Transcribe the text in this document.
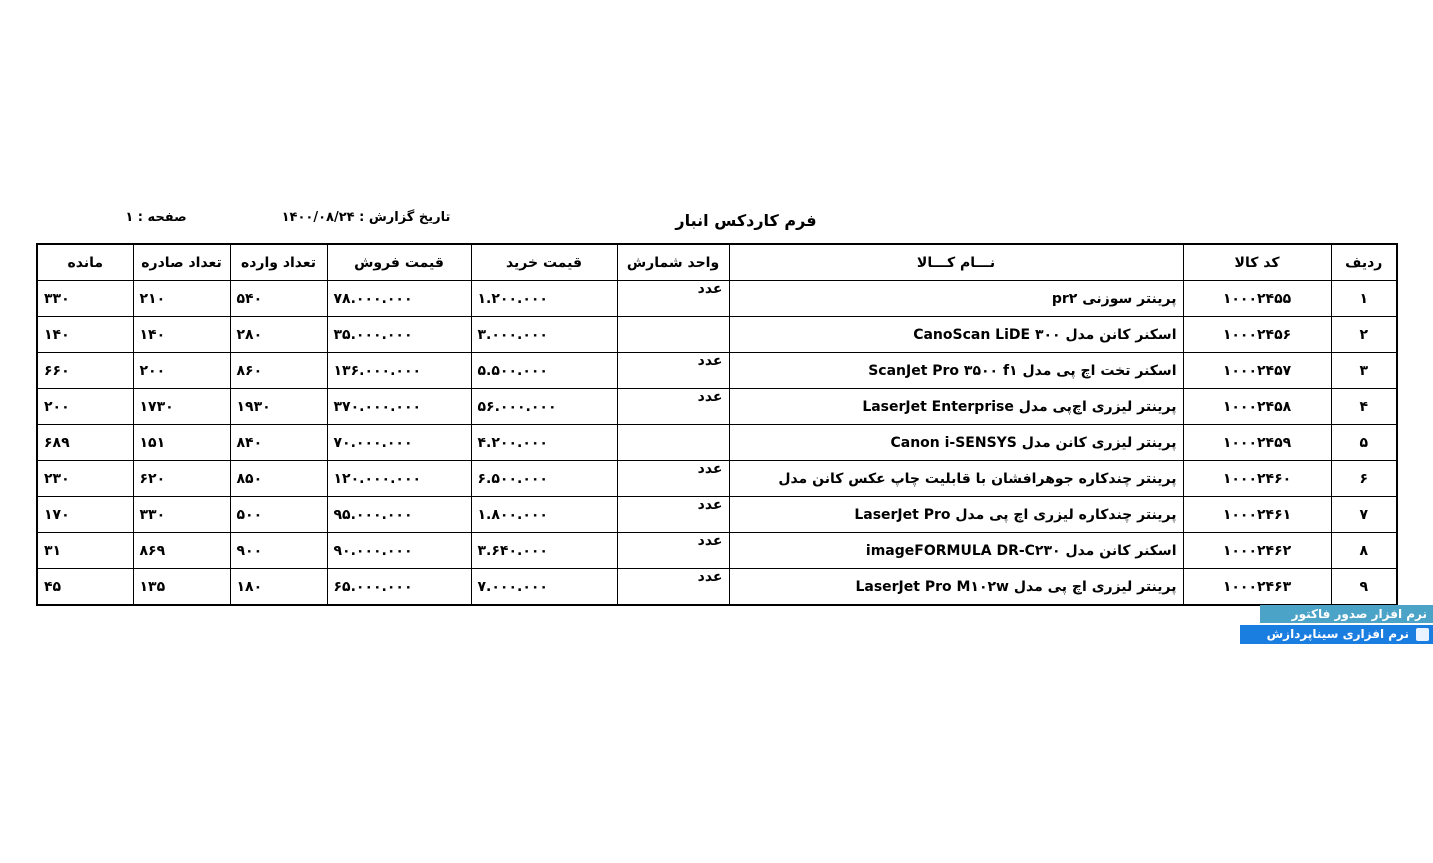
فرم کاردکس انبار
تاریخ گزارش : ۱۴۰۰/۰۸/۲۴
صفحه : ۱
ردیف	کد کالا	نـــام کـــالا	واحد شمارش	قیمت خرید	قیمت فروش	تعداد وارده	تعداد صادره	مانده
۱	۱۰۰۰۲۴۵۵	پرینتر سوزنی pr۲	عدد	۱.۲۰۰.۰۰۰	۷۸.۰۰۰.۰۰۰	۵۴۰	۲۱۰	۳۳۰
۲	۱۰۰۰۲۴۵۶	اسکنر کانن مدل CanoScan LiDE ۳۰۰		۳.۰۰۰.۰۰۰	۳۵.۰۰۰.۰۰۰	۲۸۰	۱۴۰	۱۴۰
۳	۱۰۰۰۲۴۵۷	اسکنر تخت اچ پی مدل ScanJet Pro ۳۵۰۰ f۱	عدد	۵.۵۰۰.۰۰۰	۱۳۶.۰۰۰.۰۰۰	۸۶۰	۲۰۰	۶۶۰
۴	۱۰۰۰۲۴۵۸	پرینتر لیزری اچ‌پی مدل LaserJet Enterprise	عدد	۵۶.۰۰۰.۰۰۰	۳۷۰.۰۰۰.۰۰۰	۱۹۳۰	۱۷۳۰	۲۰۰
۵	۱۰۰۰۲۴۵۹	پرینتر لیزری کانن مدل Canon i-SENSYS		۴.۲۰۰.۰۰۰	۷۰.۰۰۰.۰۰۰	۸۴۰	۱۵۱	۶۸۹
۶	۱۰۰۰۲۴۶۰	پرینتر چندکاره جوهرافشان با قابلیت چاپ عکس کانن مدل	عدد	۶.۵۰۰.۰۰۰	۱۲۰.۰۰۰.۰۰۰	۸۵۰	۶۲۰	۲۳۰
۷	۱۰۰۰۲۴۶۱	پرینتر چندکاره لیزری اچ پی مدل LaserJet Pro	عدد	۱.۸۰۰.۰۰۰	۹۵.۰۰۰.۰۰۰	۵۰۰	۳۳۰	۱۷۰
۸	۱۰۰۰۲۴۶۲	اسکنر کانن مدل imageFORMULA DR-C۲۳۰	عدد	۳.۶۴۰.۰۰۰	۹۰.۰۰۰.۰۰۰	۹۰۰	۸۶۹	۳۱
۹	۱۰۰۰۲۴۶۳	پرینتر لیزری اچ پی مدل LaserJet Pro M۱۰۲w	عدد	۷.۰۰۰.۰۰۰	۶۵.۰۰۰.۰۰۰	۱۸۰	۱۳۵	۴۵
نرم افزار صدور فاکتور
نرم افزاری سیناپردازش
